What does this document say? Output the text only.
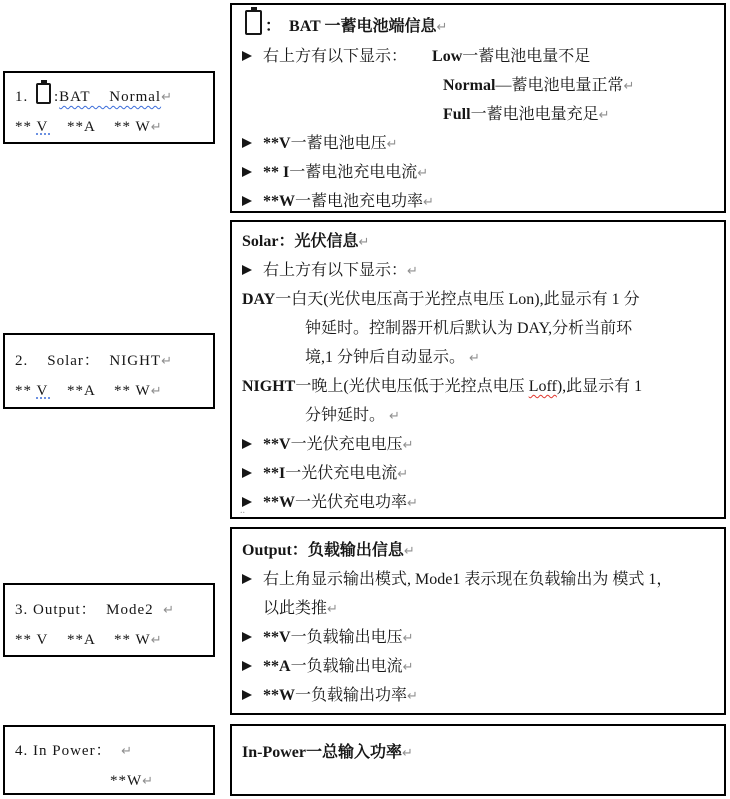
1. :BAT    Normal↵
** V    **A    ** W↵
2.    Solar：  NIGHT↵
** V    **A    ** W↵
3. Output：  Mode2  ↵
** V    **A    ** W↵
4. In Power：  ↵
**W↵
：  BAT 一蓄电池端信息↵
右上方有以下显示： Low一蓄电池电量不足
Normal—蓄电池电量正常↵
Full一蓄电池电量充足↵
**V一蓄电池电压↵
** I一蓄电池充电电流↵
**W一蓄电池充电功率↵
Solar：光伏信息↵
右上方有以下显示：↵
DAY一白天(光伏电压高于光控点电压 Lon),此显示有 1 分
钟延时。控制器开机后默认为 DAY,分析当前环
境,1 分钟后自动显示。 ↵
NIGHT一晚上(光伏电压低于光控点电压 Loff),此显示有 1
分钟延时。 ↵
**V一光伏充电电压↵
**I一光伏充电电流↵
**W一光伏充电功率↵
..
Output：负载输出信息↵
右上角显示输出模式, Mode1 表示现在负载输出为 模式 1，
以此类推↵
**V一负载输出电压↵
**A一负载输出电流↵
**W一负载输出功率↵
In-Power一总输入功率↵
